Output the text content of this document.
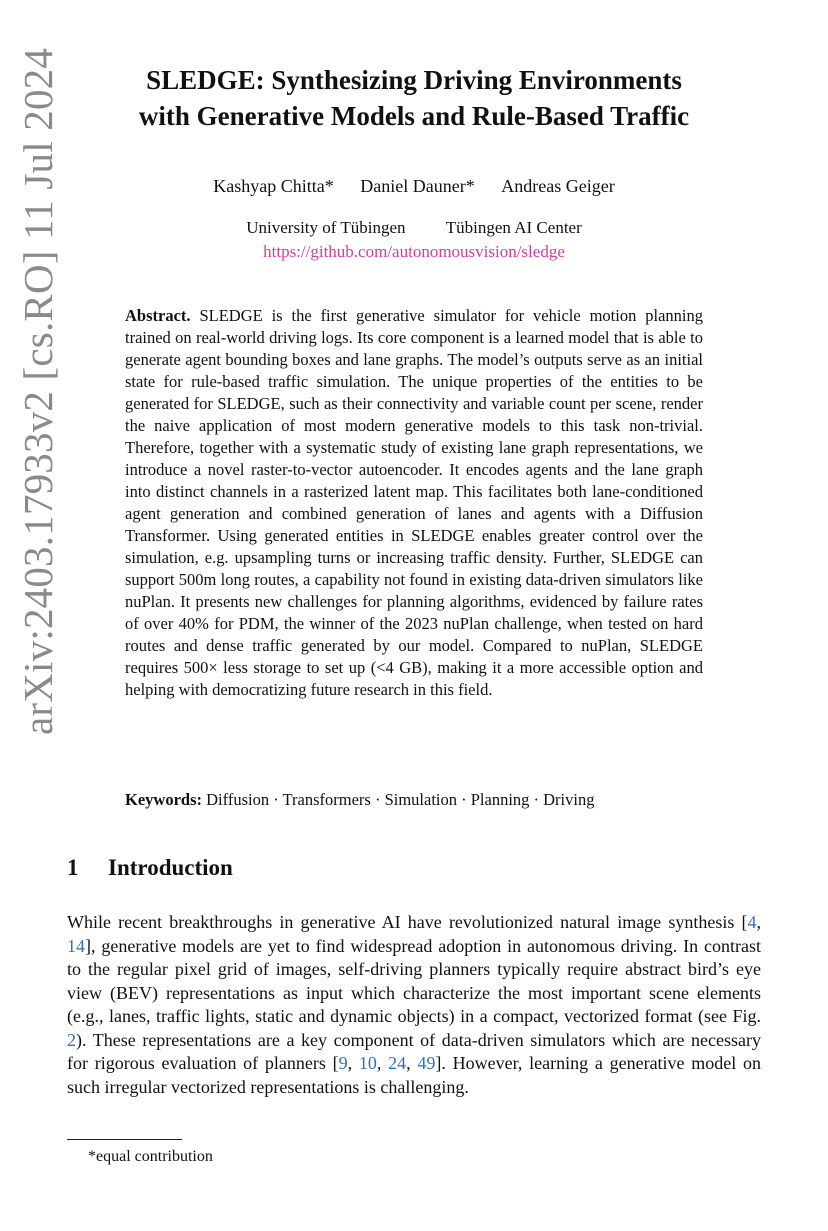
arXiv:2403.17933v2 [cs.RO] 11 Jul 2024	SLEDGE: Synthesizing Driving Environments
with Generative Models and Rule-Based Traffic
Kashyap Chitta* Daniel Dauner* Andreas Geiger
University of Tübingen Tübingen AI Center
https://github.com/autonomousvision/sledge
Abstract. SLEDGE is the first generative simulator for vehicle motion planning trained on real-world driving logs. Its core component is a learned model that is able to generate agent bounding boxes and lane graphs. The model’s outputs serve as an initial state for rule-based traffic simulation. The unique properties of the entities to be generated for SLEDGE, such as their connectivity and variable count per scene, render the naive application of most modern generative models to this task non-trivial. Therefore, together with a systematic study of existing lane graph representations, we introduce a novel raster-to-vector autoencoder. It encodes agents and the lane graph into distinct channels in a rasterized latent map. This facilitates both lane-conditioned agent generation and combined generation of lanes and agents with a Diffusion Transformer. Using generated entities in SLEDGE enables greater control over the simulation, e.g. upsampling turns or increasing traffic density. Further, SLEDGE can support 500m long routes, a capability not found in existing data-driven simulators like nuPlan. It presents new challenges for planning algorithms, evidenced by failure rates of over 40% for PDM, the winner of the 2023 nuPlan challenge, when tested on hard routes and dense traffic generated by our model. Compared to nuPlan, SLEDGE requires 500× less storage to set up (<4 GB), making it a more accessible option and helping with democratizing future research in this field.
Keywords: Diffusion · Transformers · Simulation · Planning · Driving
1 Introduction
While recent breakthroughs in generative AI have revolutionized natural image synthesis [4, 14], generative models are yet to find widespread adoption in autonomous driving. In contrast to the regular pixel grid of images, self-driving planners typically require abstract bird’s eye view (BEV) representations as input which characterize the most important scene elements (e.g., lanes, traffic lights, static and dynamic objects) in a compact, vectorized format (see Fig. 2). These representations are a key component of data-driven simulators which are necessary for rigorous evaluation of planners [9, 10, 24, 49]. However, learning a generative model on such irregular vectorized representations is challenging.
*equal contribution
